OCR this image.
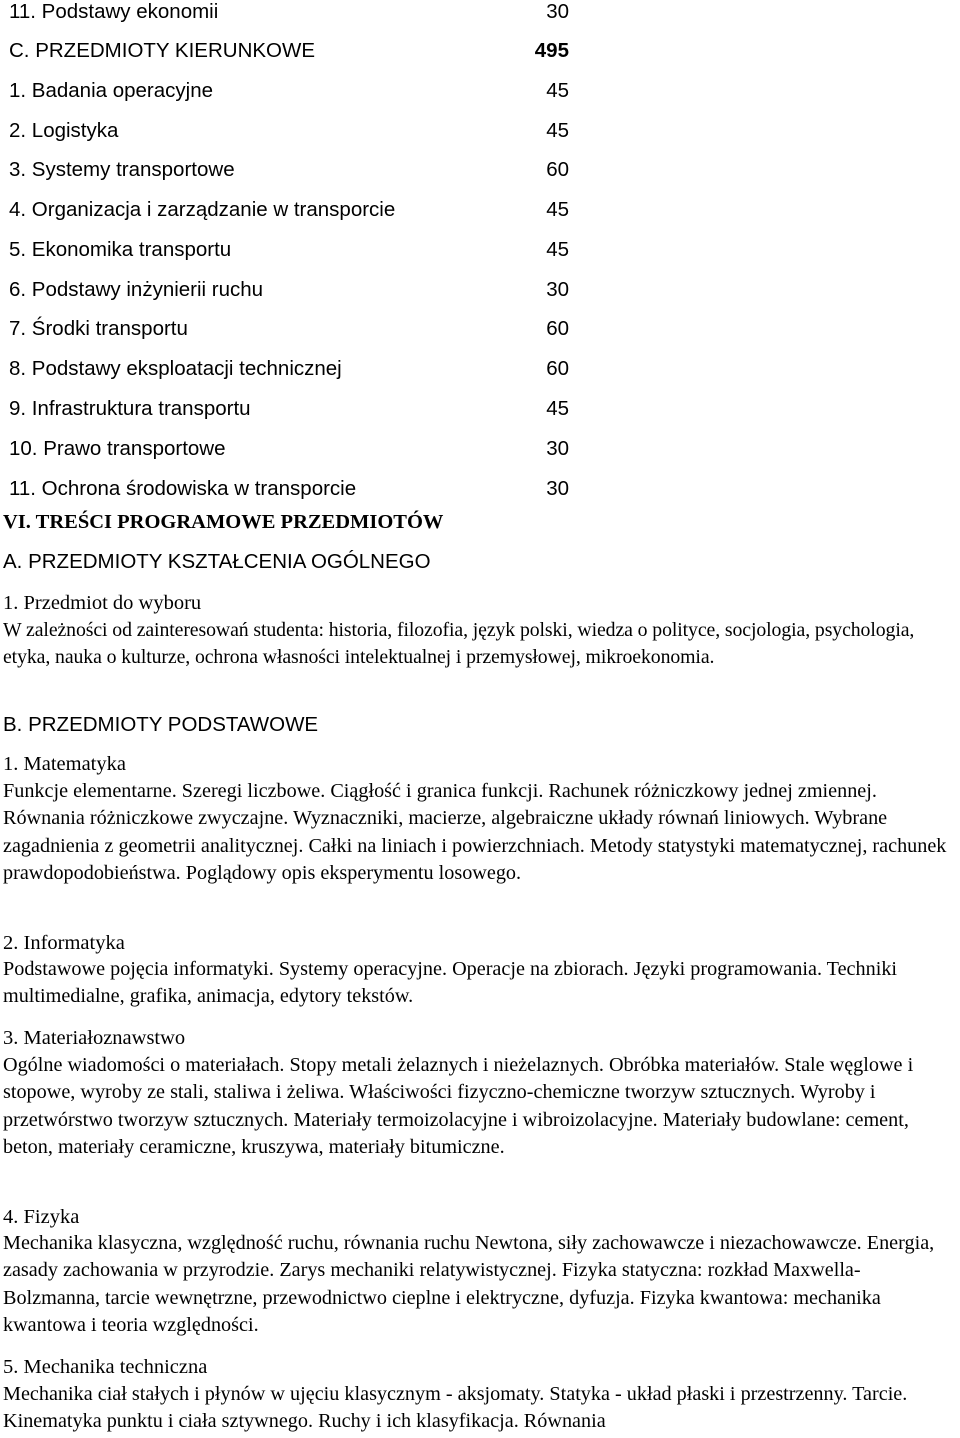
11. Podstawy ekonomii	30
C. PRZEDMIOTY KIERUNKOWE	495
1. Badania operacyjne	45
2. Logistyka	45
3. Systemy transportowe	60
4. Organizacja i zarządzanie w transporcie	45
5. Ekonomika transportu	45
6. Podstawy inżynierii ruchu	30
7. Środki transportu	60
8. Podstawy eksploatacji technicznej	60
9. Infrastruktura transportu	45
10. Prawo transportowe	30
11. Ochrona środowiska w transporcie	30
VI. TREŚCI PROGRAMOWE PRZEDMIOTÓW
A. PRZEDMIOTY KSZTAŁCENIA OGÓLNEGO
1. Przedmiot do wyboru
W zależności od zainteresowań studenta: historia, filozofia, język polski, wiedza o polityce, socjologia, psychologia, etyka, nauka o kulturze, ochrona własności intelektualnej i przemysłowej, mikroekonomia.
B. PRZEDMIOTY PODSTAWOWE
1. Matematyka
Funkcje elementarne. Szeregi liczbowe. Ciągłość i granica funkcji. Rachunek różniczkowy jednej zmiennej. Równania różniczkowe zwyczajne. Wyznaczniki, macierze, algebraiczne układy równań liniowych. Wybrane zagadnienia z geometrii analitycznej. Całki na liniach i powierzchniach. Metody statystyki matematycznej, rachunek prawdopodobieństwa. Poglądowy opis eksperymentu losowego.
2. Informatyka
Podstawowe pojęcia informatyki. Systemy operacyjne. Operacje na zbiorach. Języki programowania. Techniki multimedialne, grafika, animacja, edytory tekstów.
3. Materiałoznawstwo
Ogólne wiadomości o materiałach. Stopy metali żelaznych i nieżelaznych. Obróbka materiałów. Stale węglowe i stopowe, wyroby ze stali, staliwa i żeliwa. Właściwości fizyczno-chemiczne tworzyw sztucznych. Wyroby i przetwórstwo tworzyw sztucznych. Materiały termoizolacyjne i wibroizolacyjne. Materiały budowlane: cement, beton, materiały ceramiczne, kruszywa, materiały bitumiczne.
4. Fizyka
Mechanika klasyczna, względność ruchu, równania ruchu Newtona, siły zachowawcze i niezachowawcze. Energia, zasady zachowania w przyrodzie. Zarys mechaniki relatywistycznej. Fizyka statyczna: rozkład Maxwella-Bolzmanna, tarcie wewnętrzne, przewodnictwo cieplne i elektryczne, dyfuzja. Fizyka kwantowa: mechanika kwantowa i teoria względności.
5. Mechanika techniczna
Mechanika ciał stałych i płynów w ujęciu klasycznym - aksjomaty. Statyka - układ płaski i przestrzenny. Tarcie. Kinematyka punktu i ciała sztywnego. Ruchy i ich klasyfikacja. Równania
